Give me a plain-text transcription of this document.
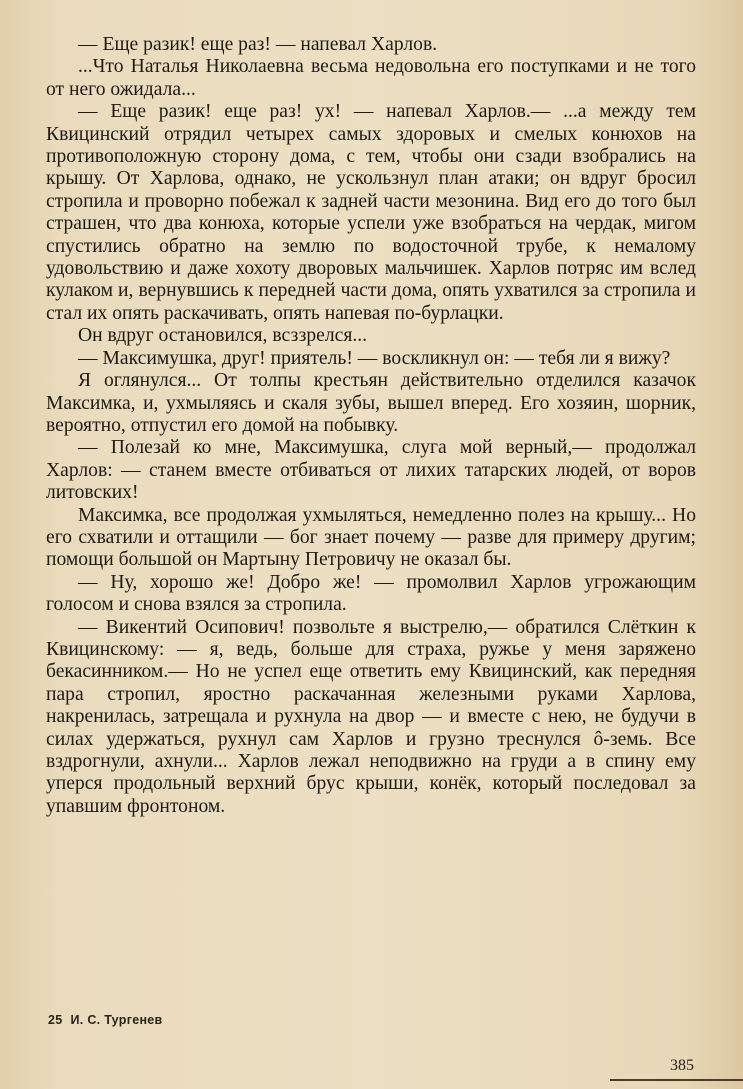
— Еще разик! еще раз! — напевал Харлов.

...Что Наталья Николаевна весьма недовольна его поступками и не того от него ожидала...

— Еще разик! еще раз! ух! — напевал Харлов.— ...а между тем Квицинский отрядил четырех самых здоровых и смелых конюхов на противоположную сторону дома, с тем, чтобы они сзади взобрались на крышу. От Харлова, однако, не ускользнул план атаки; он вдруг бросил стропила и проворно побежал к задней части мезонина. Вид его до того был страшен, что два конюха, которые успели уже взобраться на чердак, мигом спустились обратно на землю по водосточной трубе, к немалому удовольствию и даже хохоту дворовых мальчишек. Харлов потряс им вслед кулаком и, вернувшись к передней части дома, опять ухватился за стропила и стал их опять раскачивать, опять напевая по-бурлацки.

Он вдруг остановился, всззрелся...

— Максимушка, друг! приятель! — воскликнул он: — тебя ли я вижу?

Я оглянулся... От толпы крестьян действительно отделился казачок Максимка, и, ухмыляясь и скаля зубы, вышел вперед. Его хозяин, шорник, вероятно, отпустил его домой на побывку.

— Полезай ко мне, Максимушка, слуга мой верный,— продолжал Харлов: — станем вместе отбиваться от лихих татарских людей, от воров литовских!

Максимка, все продолжая ухмыляться, немедленно полез на крышу... Но его схватили и оттащили — бог знает почему — разве для примеру другим; помощи большой он Мартыну Петровичу не оказал бы.

— Ну, хорошо же! Добро же! — промолвил Харлов угрожающим голосом и снова взялся за стропила.

— Викентий Осипович! позвольте я выстрелю,— обратился Слёткин к Квицинскому: — я, ведь, больше для страха, ружье у меня заряжено бекасинником.— Но не успел еще ответить ему Квицинский, как передняя пара стропил, яростно раскачанная железными руками Харлова, накренилась, затрещала и рухнула на двор — и вместе с нею, не будучи в силах удержаться, рухнул сам Харлов и грузно треснулся ô-земь. Все вздрогнули, ахнули... Харлов лежал неподвижно на груди а в спину ему уперся продольный верхний брус крыши, конёк, который последовал за упавшим фронтоном.

25 И. С. Тургенев
385
